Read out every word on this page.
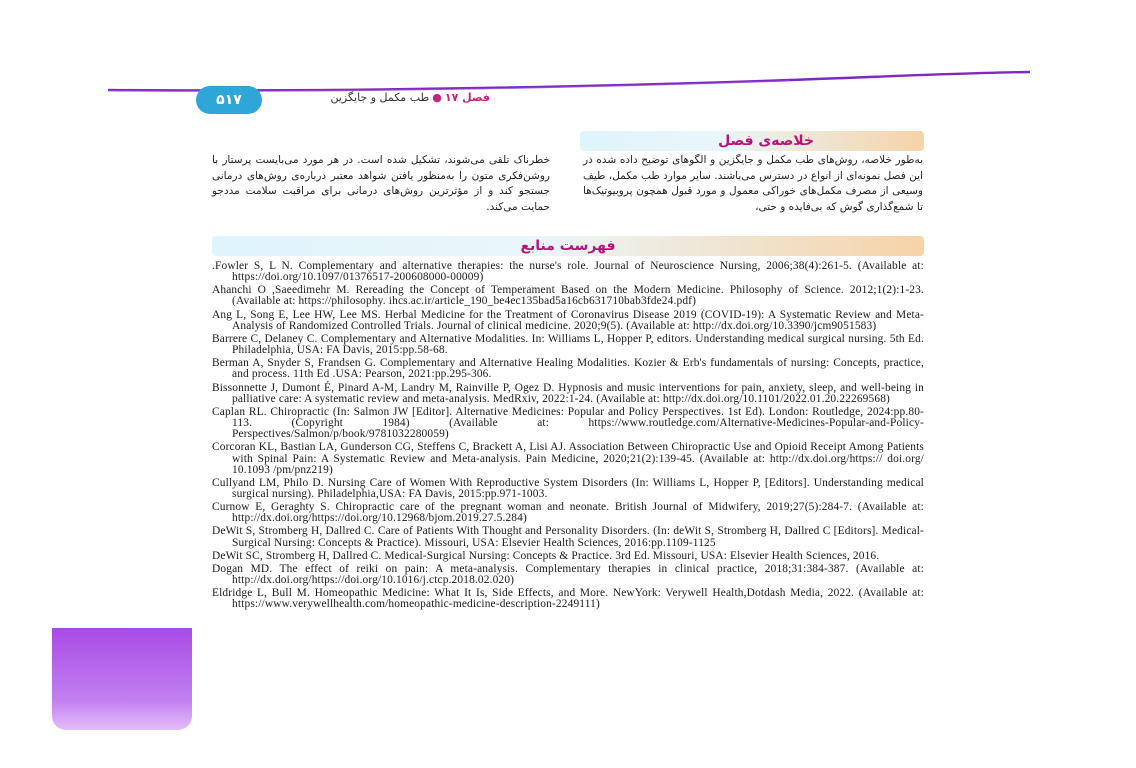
۵۱۷	فصل ۱۷●طب مکمل و جایگزین
خلاصه‌ی فصل
به‌طور خلاصه، روش‌های طب مکمل و جایگزین و الگوهای توضیح داده شده در این فصل نمونه‌ای از انواع در دسترس می‌باشند. سایر موارد طب مکمل، طیف وسیعی از مصرف مکمل‌های خوراکی معمول و مورد قبول همچون پروبیوتیک‌ها تا شمع‌گذاری گوش که بی‌فایده و حتی،
خطرناک تلقی می‌شوند، تشکیل شده است. در هر مورد می‌بایست پرستار با روشن‌فکری متون را به‌منظور یافتن شواهد معتبر درباره‌ی روش‌های درمانی جستجو کند و از مؤثرترین روش‌های درمانی برای مراقبت سلامت مددجو حمایت می‌کند.
فهرست منابع

.Fowler S, L N. Complementary and alternative therapies: the nurse's role. Journal of Neuroscience Nursing, 2006;38(4):261-5. (Available at: https://doi.org/10.1097/01376517-200608000-00009)

Ahanchi O ,Saeedimehr M. Rereading the Concept of Temperament Based on the Modern Medicine. Philosophy of Science. 2012;1(2):1-23. (Available at: https://philosophy. ihcs.ac.ir/article_190_be4ec135bad5a16cb631710bab3fde24.pdf)

Ang L, Song E, Lee HW, Lee MS. Herbal Medicine for the Treatment of Coronavirus Disease 2019 (COVID-19): A Systematic Review and Meta-Analysis of Randomized Controlled Trials. Journal of clinical medicine. 2020;9(5). (Available at: http://dx.doi.org/10.3390/jcm9051583)

Barrere C, Delaney C. Complementary and Alternative Modalities. In: Williams L, Hopper P, editors. Understanding medical surgical nursing. 5th Ed. Philadelphia, USA: FA Davis, 2015:pp.58-68.

Berman A, Snyder S, Frandsen G. Complementary and Alternative Healing Modalities. Kozier & Erb's fundamentals of nursing: Concepts, practice, and process. 11th Ed .USA: Pearson, 2021:pp.295-306.

Bissonnette J, Dumont É, Pinard A-M, Landry M, Rainville P, Ogez D. Hypnosis and music interventions for pain, anxiety, sleep, and well-being in palliative care: A systematic review and meta-analysis. MedRxiv, 2022:1-24. (Available at: http://dx.doi.org/10.1101/2022.01.20.22269568)

Caplan RL. Chiropractic (In: Salmon JW [Editor]. Alternative Medicines: Popular and Policy Perspectives. 1st Ed). London: Routledge, 2024:pp.80-113. (Copyright 1984) (Available at: https://www.routledge.com/Alternative-Medicines-Popular-and-Policy-Perspectives/Salmon/p/book/9781032280059)

Corcoran KL, Bastian LA, Gunderson CG, Steffens C, Brackett A, Lisi AJ. Association Between Chiropractic Use and Opioid Receipt Among Patients with Spinal Pain: A Systematic Review and Meta-analysis. Pain Medicine, 2020;21(2):139-45. (Available at: http://dx.doi.org/https:// doi.org/ 10.1093 /pm/pnz219)

Cullyand LM, Philo D. Nursing Care of Women With Reproductive System Disorders (In: Williams L, Hopper P, [Editors]. Understanding medical surgical nursing). Philadelphia,USA: FA Davis, 2015:pp.971-1003.

Curnow E, Geraghty S. Chiropractic care of the pregnant woman and neonate. British Journal of Midwifery, 2019;27(5):284-7. (Available at: http://dx.doi.org/https://doi.org/10.12968/bjom.2019.27.5.284)

DeWit S, Stromberg H, Dallred C. Care of Patients With Thought and Personality Disorders. (In: deWit S, Stromberg H, Dallred C [Editors]. Medical-Surgical Nursing: Concepts & Practice). Missouri, USA: Elsevier Health Sciences, 2016:pp.1109-1125

DeWit SC, Stromberg H, Dallred C. Medical-Surgical Nursing: Concepts & Practice. 3rd Ed. Missouri, USA: Elsevier Health Sciences, 2016.

Dogan MD. The effect of reiki on pain: A meta-analysis. Complementary therapies in clinical practice, 2018;31:384-387. (Available at: http://dx.doi.org/https://doi.org/10.1016/j.ctcp.2018.02.020)

Eldridge L, Bull M. Homeopathic Medicine: What It Is, Side Effects, and More. NewYork: Verywell Health,Dotdash Media, 2022. (Available at: https://www.verywellhealth.com/homeopathic-medicine-description-2249111)
